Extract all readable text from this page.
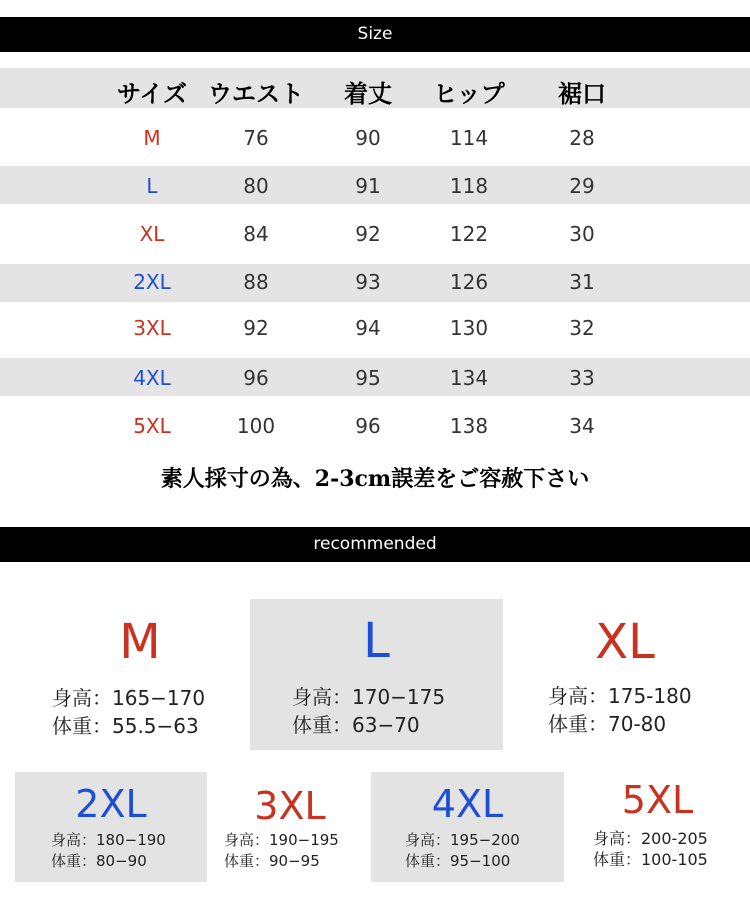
Size
サイズ ウエスト	着丈	ヒップ	裾口
M	76	90	114	28
L	80	91	118	29
XL	84	92	122	30
2XL	88	93	126	31
3XL	92	94	130	32
4XL	96	95	134	33
5XL	100	96	138	34
素人採寸の為、2-3cm誤差をご容赦下さい
recommended
M
身高：165−170
体重：55.5−63
L
身高：170−175
体重：63−70
XL
身高：175-180
体重：70-80
2XL
身高：180−190
体重：80−90
3XL
身高：190−195
体重：90−95
4XL
身高：195−200
体重：95−100
5XL
身高：200-205
体重：100-105
